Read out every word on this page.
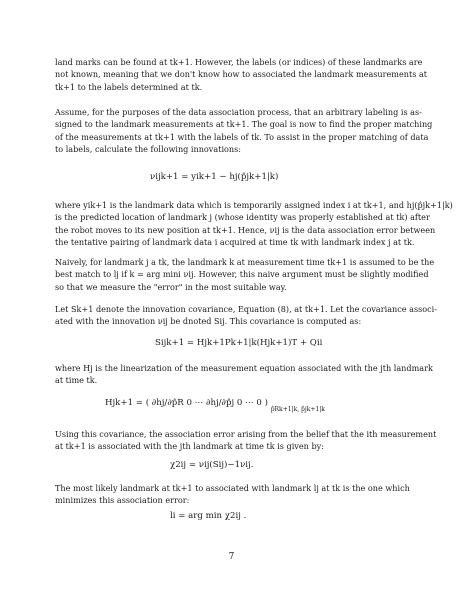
land marks can be found at tk+1. However, the labels (or indices) of these landmarks are
not known, meaning that we don't know how to associated the landmark measurements at
tk+1 to the labels determined at tk.
Assume, for the purposes of the data association process, that an arbitrary labeling is as-
signed to the landmark measurements at tk+1. The goal is now to find the proper matching
of the measurements at tk+1 with the labels of tk. To assist in the proper matching of data
to labels, calculate the following innovations:
νijk+1 = yik+1 − hj(p̂jk+1|k)
where yik+1 is the landmark data which is temporarily assigned index i at tk+1, and hj(p̂jk+1|k)
is the predicted location of landmark j (whose identity was properly established at tk) after
the robot moves to its new position at tk+1. Hence, νij is the data association error between
the tentative pairing of landmark data i acquired at time tk with landmark index j at tk.
Naively, for landmark j a tk, the landmark k at measurement time tk+1 is assumed to be the
best match to lj if k = arg mini νij. However, this naive argument must be slightly modified
so that we measure the "error" in the most suitable way.
Let Sk+1 denote the innovation covariance, Equation (8), at tk+1. Let the covariance associ-
ated with the innovation νij be dnoted Sij. This covariance is computed as:
Sijk+1 = Hjk+1Pk+1|k(Hjk+1)T + Qii
where Hj is the linearization of the measurement equation associated with the jth landmark
at time tk.
Hjk+1 = ( ∂hj/∂p̂R 0 ⋯ ∂hj/∂p̂j 0 ⋯ 0 ) $_{p̂Rk+1|k, p̂jk+1|k}$
Using this covariance, the association error arising from the belief that the ith measurement
at tk+1 is associated with the jth landmark at time tk is given by:
χ2ij = νij(Sij)−1νij.
The most likely landmark at tk+1 to associated with landmark lj at tk is the one which
minimizes this association error:
li = arg min χ2ij .
7
